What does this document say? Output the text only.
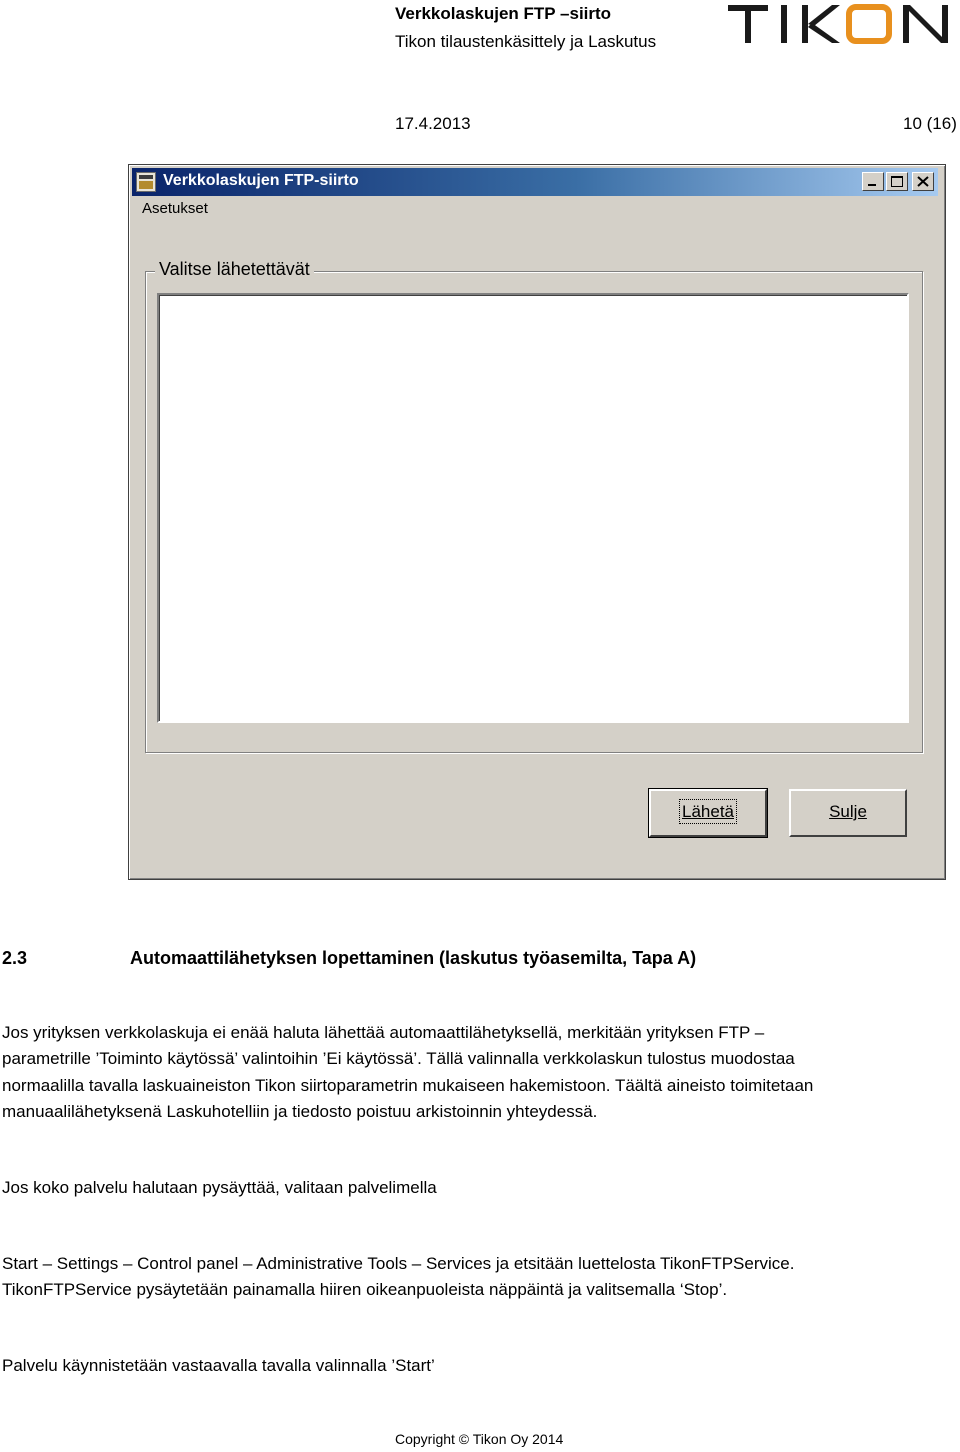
Verkkolaskujen FTP –siirto
Tikon tilaustenkäsittely ja Laskutus
17.4.2013	10 (16)
Verkkolaskujen FTP-siirto
Asetukset
Valitse lähetettävät
Lähetä	Sulje
2.3	Automaattilähetyksen lopettaminen (laskutus työasemilta, Tapa A)
Jos yrityksen verkkolaskuja ei enää haluta lähettää automaattilähetyksellä, merkitään yrityksen FTP –
parametrille ’Toiminto käytössä’ valintoihin ’Ei käytössä’. Tällä valinnalla verkkolaskun tulostus muodostaa
normaalilla tavalla laskuaineiston Tikon siirtoparametrin mukaiseen hakemistoon. Täältä aineisto toimitetaan
manuaalilähetyksenä Laskuhotelliin ja tiedosto poistuu arkistoinnin yhteydessä.
Jos koko palvelu halutaan pysäyttää, valitaan palvelimella
Start – Settings – Control panel – Administrative Tools – Services ja etsitään luettelosta TikonFTPService.
TikonFTPService pysäytetään painamalla hiiren oikeanpuoleista näppäintä ja valitsemalla ‘Stop’.
Palvelu käynnistetään vastaavalla tavalla valinnalla ’Start’
Copyright © Tikon Oy 2014
